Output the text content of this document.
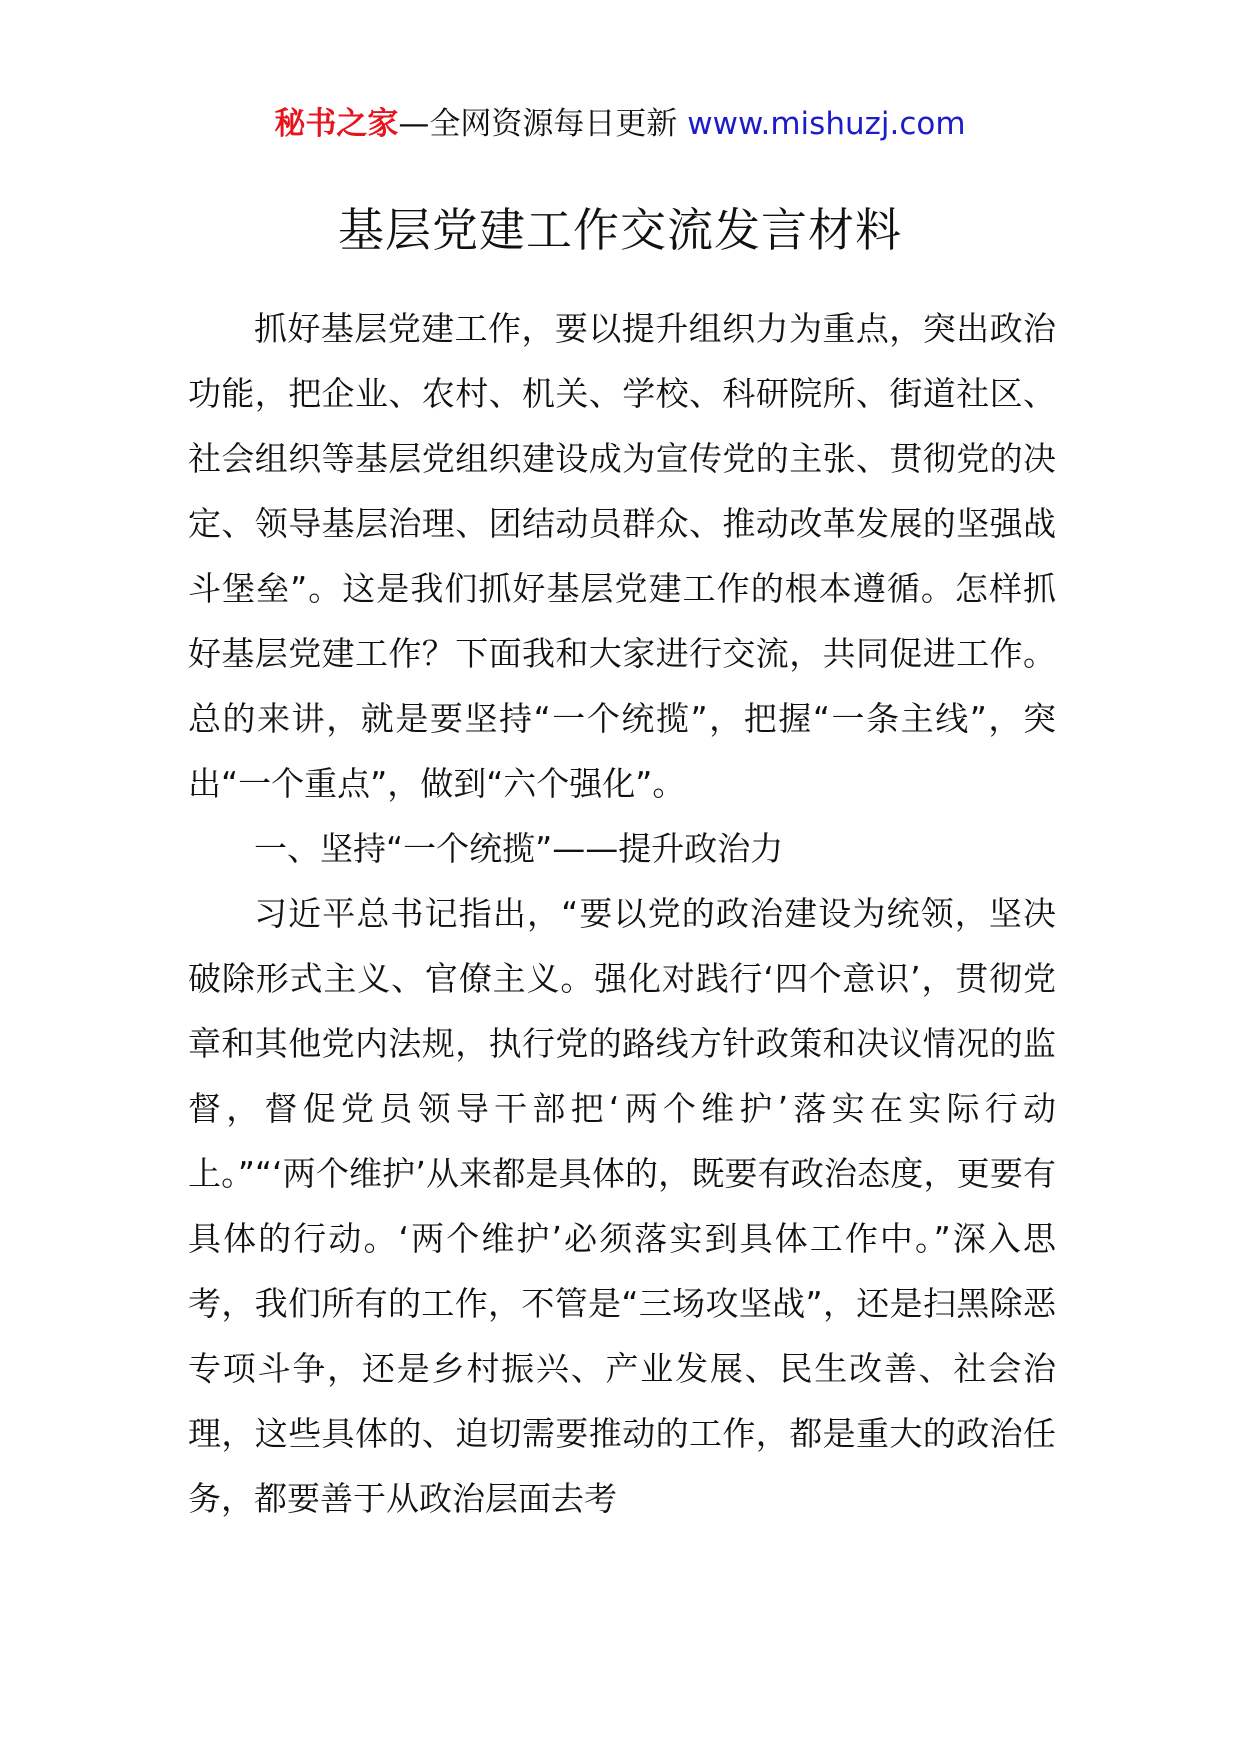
秘书之家—全网资源每日更新 www.mishuzj.com
基层党建工作交流发言材料

抓好基层党建工作，要以提升组织力为重点，突出政治功能，把企业、农村、机关、学校、科研院所、街道社区、社会组织等基层党组织建设成为宣传党的主张、贯彻党的决定、领导基层治理、团结动员群众、推动改革发展的坚强战斗堡垒”。这是我们抓好基层党建工作的根本遵循。怎样抓好基层党建工作？下面我和大家进行交流，共同促进工作。总的来讲，就是要坚持“一个统揽”，把握“一条主线”，突出“一个重点”，做到“六个强化”。

一、坚持“一个统揽”——提升政治力

习近平总书记指出，“要以党的政治建设为统领，坚决破除形式主义、官僚主义。强化对践行‘四个意识’，贯彻党章和其他党内法规，执行党的路线方针政策和决议情况的监督，督促党员领导干部把‘两个维护’落实在实际行动上。”“‘两个维护’从来都是具体的，既要有政治态度，更要有具体的行动。‘两个维护’必须落实到具体工作中。”深入思考，我们所有的工作，不管是“三场攻坚战”，还是扫黑除恶专项斗争，还是乡村振兴、产业发展、民生改善、社会治理，这些具体的、迫切需要推动的工作，都是重大的政治任务，都要善于从政治层面去考
